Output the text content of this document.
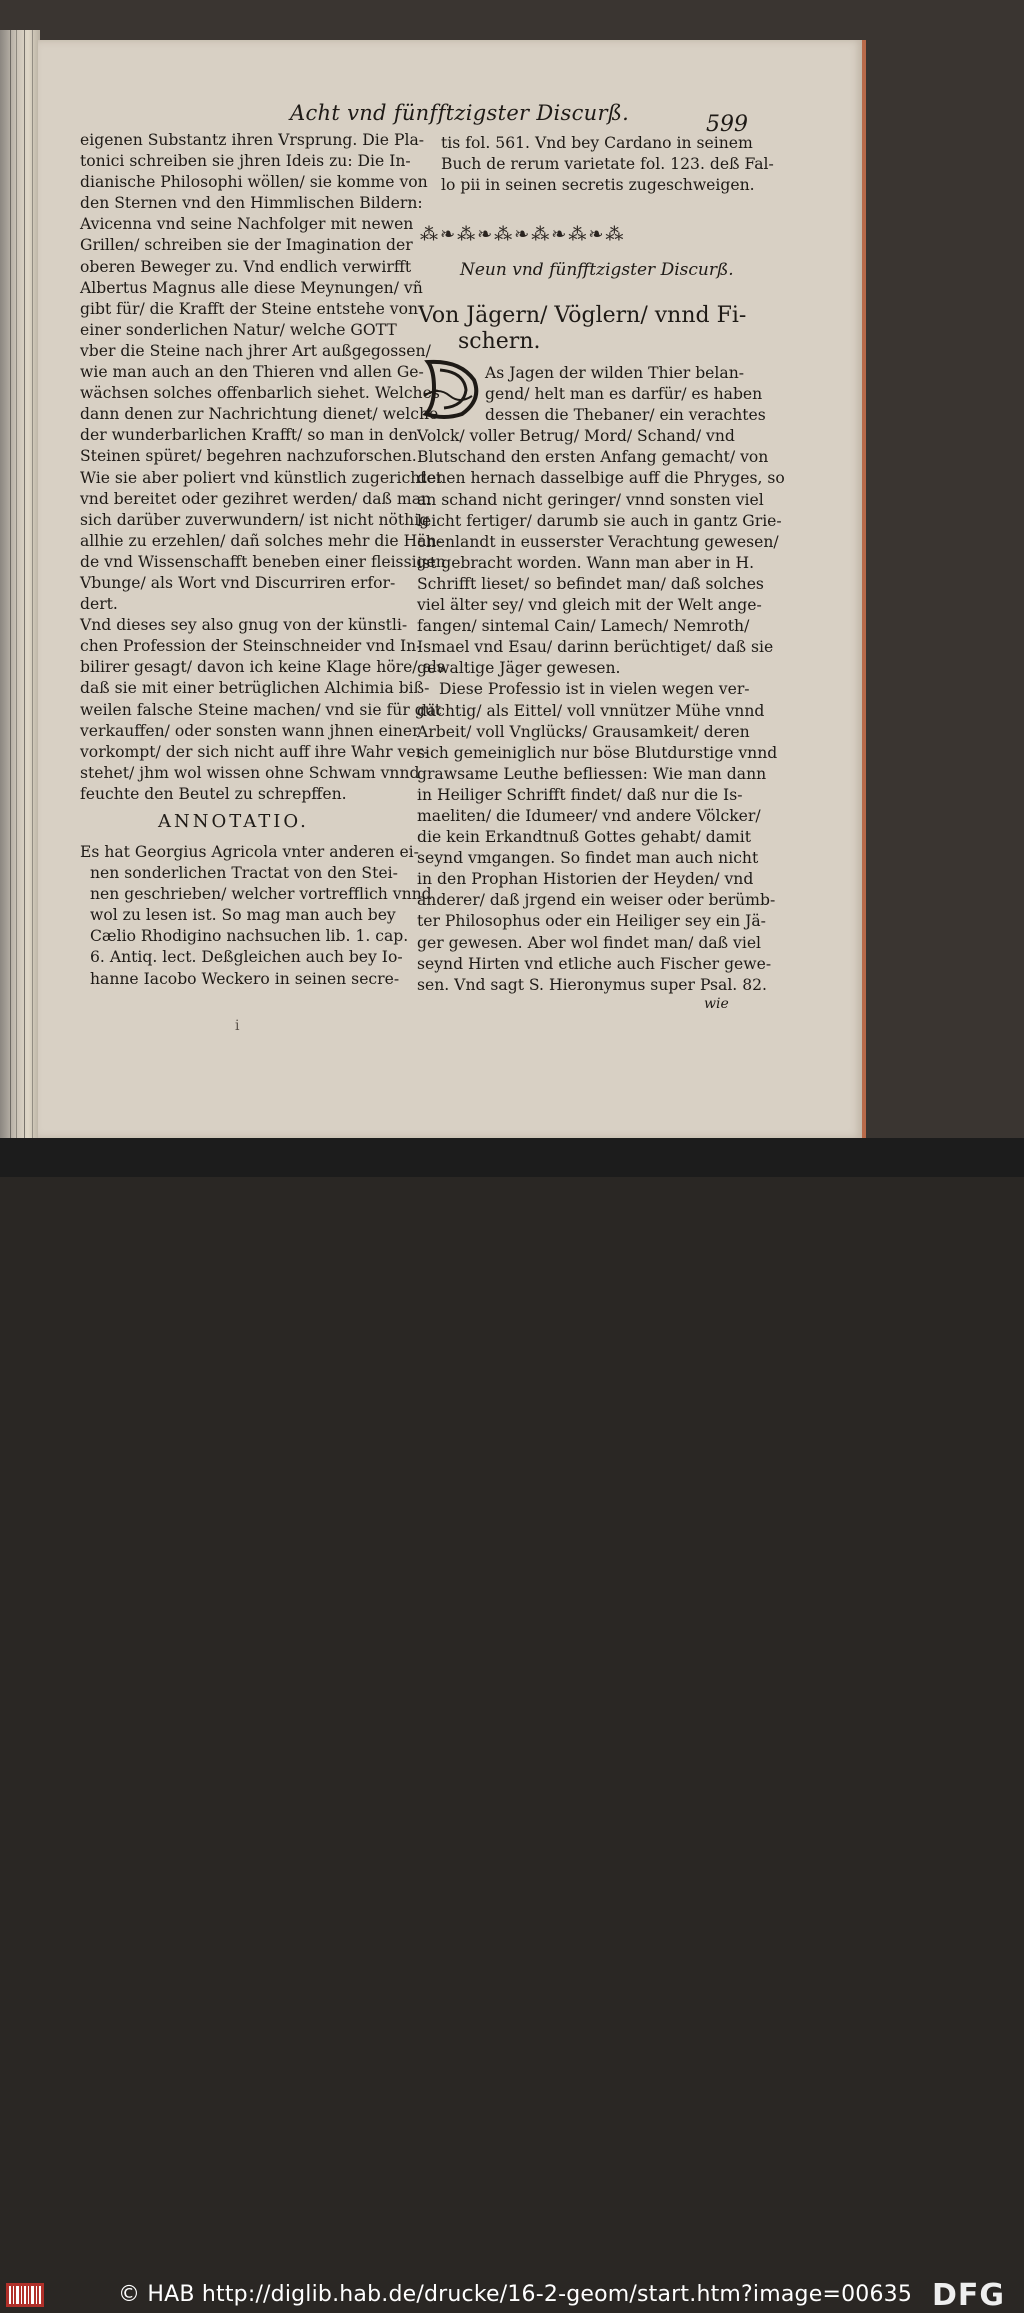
Acht vnd fünfftzigster Discurß.	599
eigenen Substantz ihren Vrsprung. Die Pla-
tonici schreiben sie jhren Ideis zu: Die In-
dianische Philosophi wöllen/ sie komme von
den Sternen vnd den Himmlischen Bildern:
Avicenna vnd seine Nachfolger mit newen
Grillen/ schreiben sie der Imagination der
oberen Beweger zu. Vnd endlich verwirfft
Albertus Magnus alle diese Meynungen/ vñ
gibt für/ die Krafft der Steine entstehe von
einer sonderlichen Natur/ welche GOTT
vber die Steine nach jhrer Art außgegossen/
wie man auch an den Thieren vnd allen Ge-
wächsen solches offenbarlich siehet. Welches
dann denen zur Nachrichtung dienet/ welche
der wunderbarlichen Krafft/ so man in den
Steinen spüret/ begehren nachzuforschen.
Wie sie aber poliert vnd künstlich zugerichtet
vnd bereitet oder gezihret werden/ daß man
sich darüber zuverwundern/ ist nicht nöthig
allhie zu erzehlen/ dañ solches mehr die Hän-
de vnd Wissenschafft beneben einer fleissigen
Vbunge/ als Wort vnd Discurriren erfor-
dert.
Vnd dieses sey also gnug von der künstli-
chen Profession der Steinschneider vnd In-
bilirer gesagt/ davon ich keine Klage höre/ als
daß sie mit einer betrüglichen Alchimia biß-
weilen falsche Steine machen/ vnd sie für gut
verkauffen/ oder sonsten wann jhnen einer
vorkompt/ der sich nicht auff ihre Wahr ver-
stehet/ jhm wol wissen ohne Schwam vnnd
feuchte den Beutel zu schrepffen.
ANNOTATIO.
Es hat Georgius Agricola vnter anderen ei-
nen sonderlichen Tractat von den Stei-
nen geschrieben/ welcher vortrefflich vnnd
wol zu lesen ist. So mag man auch bey
Cælio Rhodigino nachsuchen lib. 1. cap.
6. Antiq. lect. Deßgleichen auch bey Io-
hanne Iacobo Weckero in seinen secre-
tis fol. 561. Vnd bey Cardano in seinem
Buch de rerum varietate fol. 123. deß Fal-
lo pii in seinen secretis zugeschweigen.
⁂❧⁂❧⁂❧⁂❧⁂❧⁂
Neun vnd fünfftzigster Discurß.
Von Jägern/ Vöglern/ vnnd Fi-
schern.
As Jagen der wilden Thier belan-
gend/ helt man es darfür/ es haben
dessen die Thebaner/ ein verachtes
Volck/ voller Betrug/ Mord/ Schand/ vnd
Blutschand den ersten Anfang gemacht/ von
denen hernach dasselbige auff die Phryges, so
an schand nicht geringer/ vnnd sonsten viel
leicht fertiger/ darumb sie auch in gantz Grie-
chenlandt in eusserster Verachtung gewesen/
ist gebracht worden. Wann man aber in H.
Schrifft lieset/ so befindet man/ daß solches
viel älter sey/ vnd gleich mit der Welt ange-
fangen/ sintemal Cain/ Lamech/ Nemroth/
Ismael vnd Esau/ darinn berüchtiget/ daß sie
gewaltige Jäger gewesen.
Diese Professio ist in vielen wegen ver-
dächtig/ als Eittel/ voll vnnützer Mühe vnnd
Arbeit/ voll Vnglücks/ Grausamkeit/ deren
sich gemeiniglich nur böse Blutdurstige vnnd
grawsame Leuthe befliessen: Wie man dann
in Heiliger Schrifft findet/ daß nur die Is-
maeliten/ die Idumeer/ vnd andere Völcker/
die kein Erkandtnuß Gottes gehabt/ damit
seynd vmgangen. So findet man auch nicht
in den Prophan Historien der Heyden/ vnd
anderer/ daß jrgend ein weiser oder berümb-
ter Philosophus oder ein Heiliger sey ein Jä-
ger gewesen. Aber wol findet man/ daß viel
seynd Hirten vnd etliche auch Fischer gewe-
sen. Vnd sagt S. Hieronymus super Psal. 82.
wie
i
© HAB http://diglib.hab.de/drucke/16-2-geom/start.htm?image=00635 DFG
